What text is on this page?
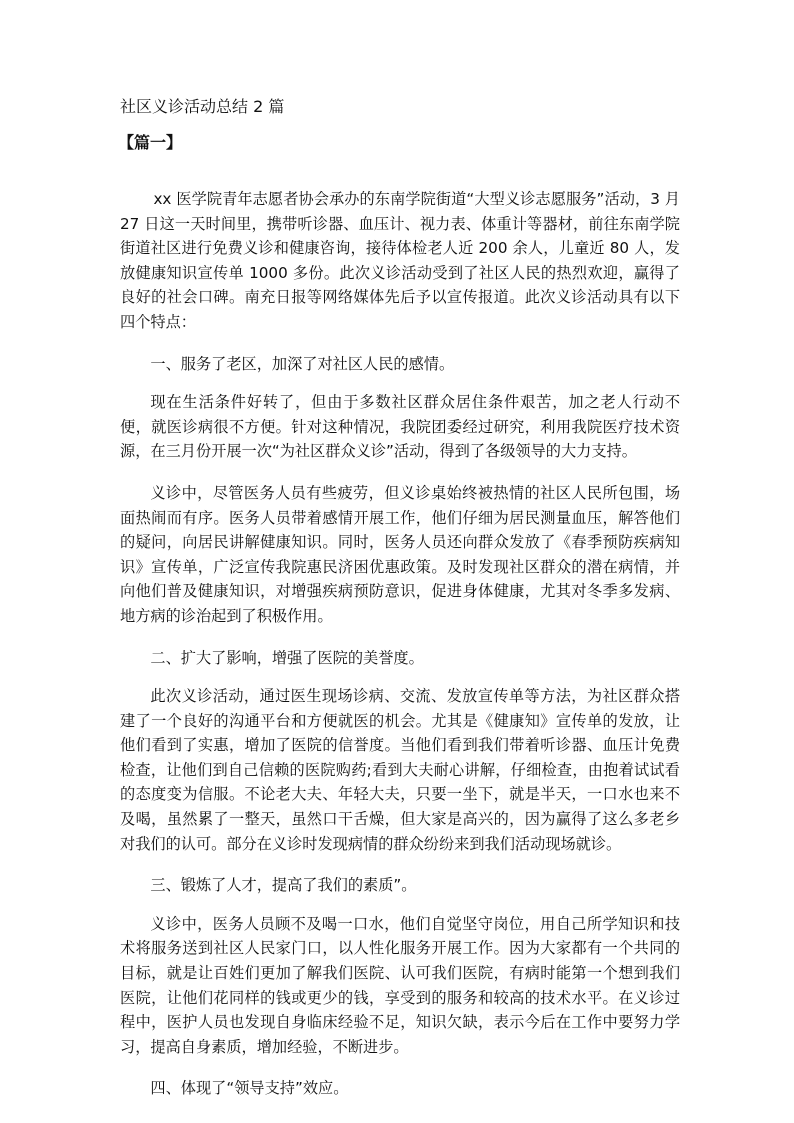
社区义诊活动总结 2 篇
【篇一】

xx 医学院青年志愿者协会承办的东南学院街道“大型义诊志愿服务”活动，3 月 27 日这一天时间里，携带听诊器、血压计、视力表、体重计等器材，前往东南学院街道社区进行免费义诊和健康咨询，接待体检老人近 200 余人，儿童近 80 人，发放健康知识宣传单 1000 多份。此次义诊活动受到了社区人民的热烈欢迎，赢得了良好的社会口碑。南充日报等网络媒体先后予以宣传报道。此次义诊活动具有以下四个特点：

一、服务了老区，加深了对社区人民的感情。

现在生活条件好转了，但由于多数社区群众居住条件艰苦，加之老人行动不便，就医诊病很不方便。针对这种情况，我院团委经过研究，利用我院医疗技术资源，在三月份开展一次“为社区群众义诊”活动，得到了各级领导的大力支持。

义诊中，尽管医务人员有些疲劳，但义诊桌始终被热情的社区人民所包围，场面热闹而有序。医务人员带着感情开展工作，他们仔细为居民测量血压，解答他们的疑问，向居民讲解健康知识。同时，医务人员还向群众发放了《春季预防疾病知识》宣传单，广泛宣传我院惠民济困优惠政策。及时发现社区群众的潜在病情，并向他们普及健康知识，对增强疾病预防意识，促进身体健康，尤其对冬季多发病、地方病的诊治起到了积极作用。

二、扩大了影响，增强了医院的美誉度。

此次义诊活动，通过医生现场诊病、交流、发放宣传单等方法，为社区群众搭建了一个良好的沟通平台和方便就医的机会。尤其是《健康知》宣传单的发放，让他们看到了实惠，增加了医院的信誉度。当他们看到我们带着听诊器、血压计免费检查，让他们到自己信赖的医院购药;看到大夫耐心讲解，仔细检查，由抱着试试看的态度变为信服。不论老大夫、年轻大夫，只要一坐下，就是半天，一口水也来不及喝，虽然累了一整天，虽然口干舌燥，但大家是高兴的，因为赢得了这么多老乡对我们的认可。部分在义诊时发现病情的群众纷纷来到我们活动现场就诊。

三、锻炼了人才，提高了我们的素质”。

义诊中，医务人员顾不及喝一口水，他们自觉坚守岗位，用自己所学知识和技术将服务送到社区人民家门口，以人性化服务开展工作。因为大家都有一个共同的目标，就是让百姓们更加了解我们医院、认可我们医院，有病时能第一个想到我们医院，让他们花同样的钱或更少的钱，享受到的服务和较高的技术水平。在义诊过程中，医护人员也发现自身临床经验不足，知识欠缺，表示今后在工作中要努力学习，提高自身素质，增加经验，不断进步。

四、体现了“领导支持”效应。
